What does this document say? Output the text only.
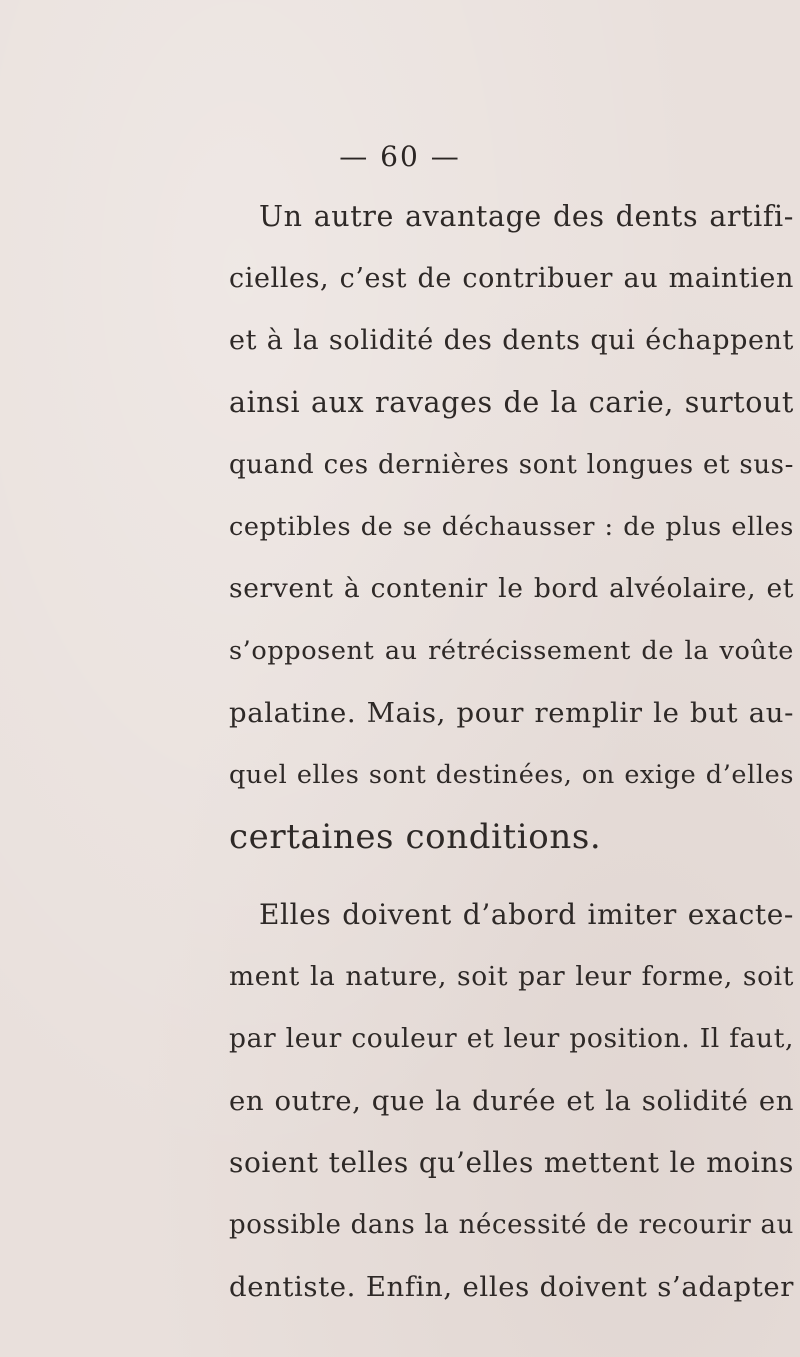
— 60 —
Un autre avantage des dents artifi-
cielles, c’est de contribuer au maintien
et à la solidité des dents qui échappent
ainsi aux ravages de la carie, surtout
quand ces dernières sont longues et sus-
ceptibles de se déchausser : de plus elles
servent à contenir le bord alvéolaire, et
s’opposent au rétrécissement de la voûte
palatine. Mais, pour remplir le but au-
quel elles sont destinées, on exige d’elles
certaines conditions.
Elles doivent d’abord imiter exacte-
ment la nature, soit par leur forme, soit
par leur couleur et leur position. Il faut,
en outre, que la durée et la solidité en
soient telles qu’elles mettent le moins
possible dans la nécessité de recourir au
dentiste. Enfin, elles doivent s’adapter
